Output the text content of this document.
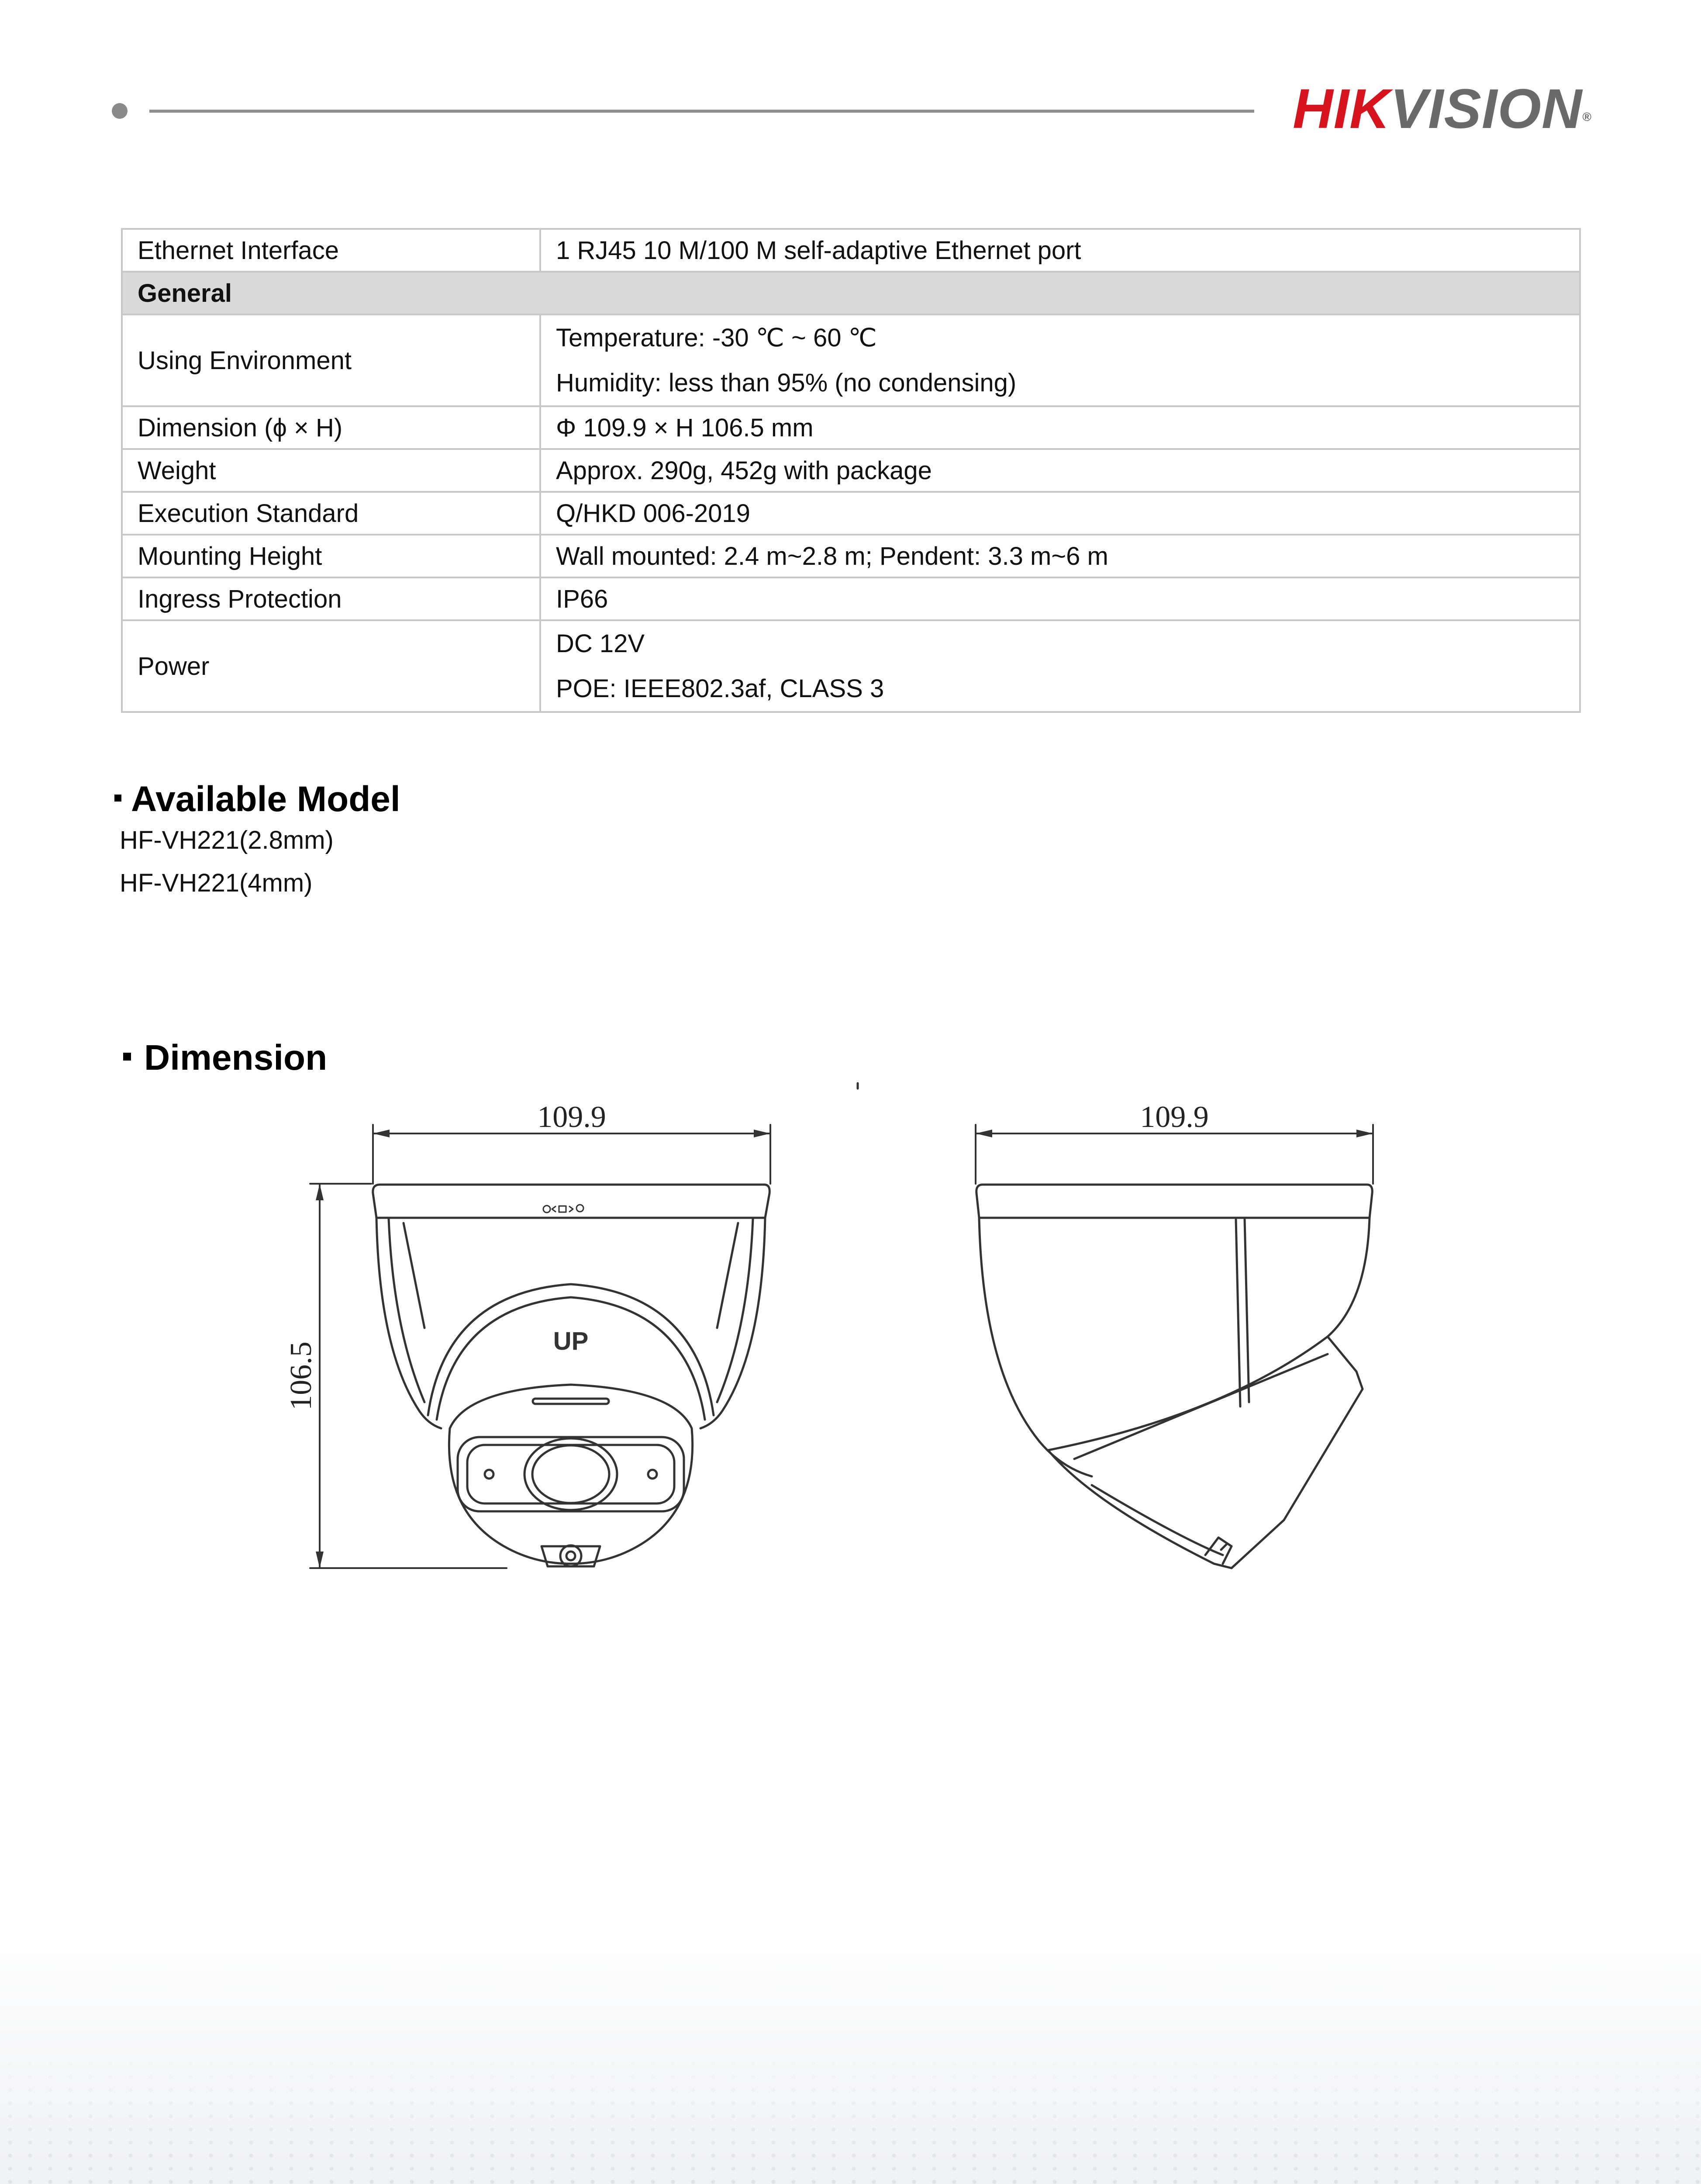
HIKVISION®
Ethernet Interface	1 RJ45 10 M/100 M self-adaptive Ethernet port
General	
Using Environment	Temperature: -30 ℃ ~ 60 ℃
Humidity: less than 95% (no condensing)

Dimension (ϕ × H)	Φ 109.9 × H 106.5 mm
Weight	Approx. 290g, 452g with package
Execution Standard	Q/HKD 006-2019
Mounting Height	Wall mounted: 2.4 m~2.8 m; Pendent: 3.3 m~6 m
Ingress Protection	IP66
Power	DC 12V
POE: IEEE802.3af, CLASS 3
Available Model
HF-VH221(2.8mm)
HF-VH221(4mm)
Dimension
109.9
106.5
UP
109.9
